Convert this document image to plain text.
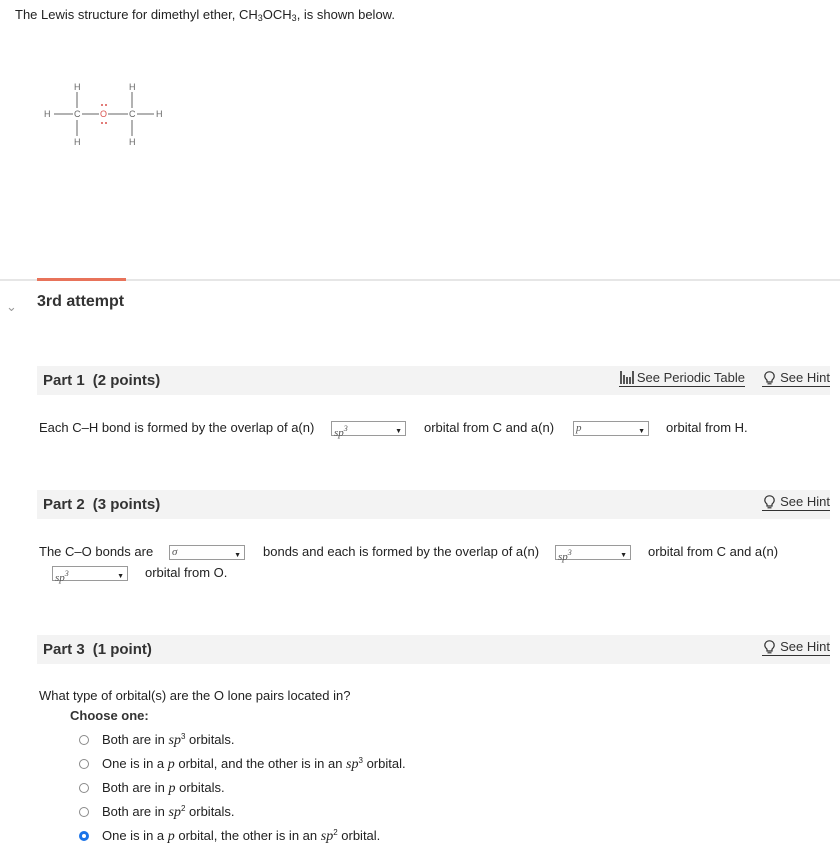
The Lewis structure for dimethyl ether, $CH_3OCH_3$, is shown below.
H	H
H	C O C H
H	H
⌄ 3rd attempt
Part 1 (2 points)	See Periodic Table	See Hint
Each C–H bond is formed by the overlap of a(n) $sp^3$	▼ orbital from C and a(n) p	▼ orbital from H.
Part 2 (3 points)	See Hint
The C–O bonds are σ	▼ bonds and each is formed by the overlap of a(n) $sp^3$	▼ orbital from C and a(n)
$sp^3$	▼ orbital from O.
Part 3 (1 point)	See Hint
What type of orbital(s) are the O lone pairs located in?
Choose one:
Both are in $sp^3$ orbitals.
One is in a p orbital, and the other is in an $sp^3$ orbital.
Both are in p orbitals.
Both are in $sp^2$ orbitals.
One is in a p orbital, the other is in an $sp^2$ orbital.
